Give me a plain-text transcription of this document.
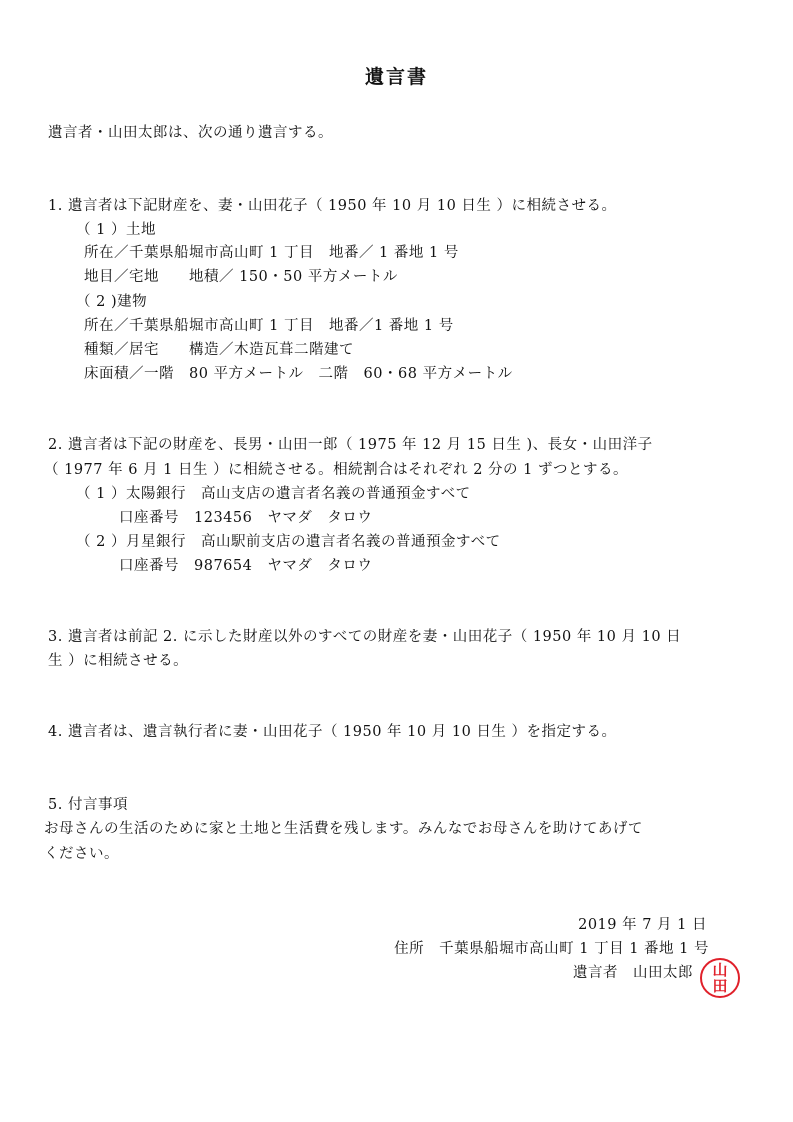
遺言書
遺言者・山田太郎は、次の通り遺言する。
1. 遺言者は下記財産を、妻・山田花子（ 1950 年 10 月 10 日生 ）に相続させる。
（ 1 ）土地
所在／千葉県船堀市高山町 1 丁目　地番／ 1 番地 1 号
地目／宅地　　地積／ 150・50 平方メートル
（ 2 )建物
所在／千葉県船堀市高山町 1 丁目　地番／1 番地 1 号
種類／居宅　　構造／木造瓦葺二階建て
床面積／一階　80 平方メートル　二階　60・68 平方メートル
2. 遺言者は下記の財産を、長男・山田一郎（ 1975 年 12 月 15 日生 )、長女・山田洋子
（ 1977 年 6 月 1 日生 ）に相続させる。相続割合はそれぞれ 2 分の 1 ずつとする。
（ 1 ）太陽銀行　高山支店の遺言者名義の普通預金すべて
口座番号　123456　ヤマダ　タロウ
（ 2 ）月星銀行　高山駅前支店の遺言者名義の普通預金すべて
口座番号　987654　ヤマダ　タロウ
3. 遺言者は前記 2. に示した財産以外のすべての財産を妻・山田花子（ 1950 年 10 月 10 日
生 ）に相続させる。
4. 遺言者は、遺言執行者に妻・山田花子（ 1950 年 10 月 10 日生 ）を指定する。
5. 付言事項
お母さんの生活のために家と土地と生活費を残します。みんなでお母さんを助けてあげて
ください。
2019 年 7 月 1 日
住所　千葉県船堀市高山町 1 丁目 1 番地 1 号
遺言者　山田太郎	山
田
